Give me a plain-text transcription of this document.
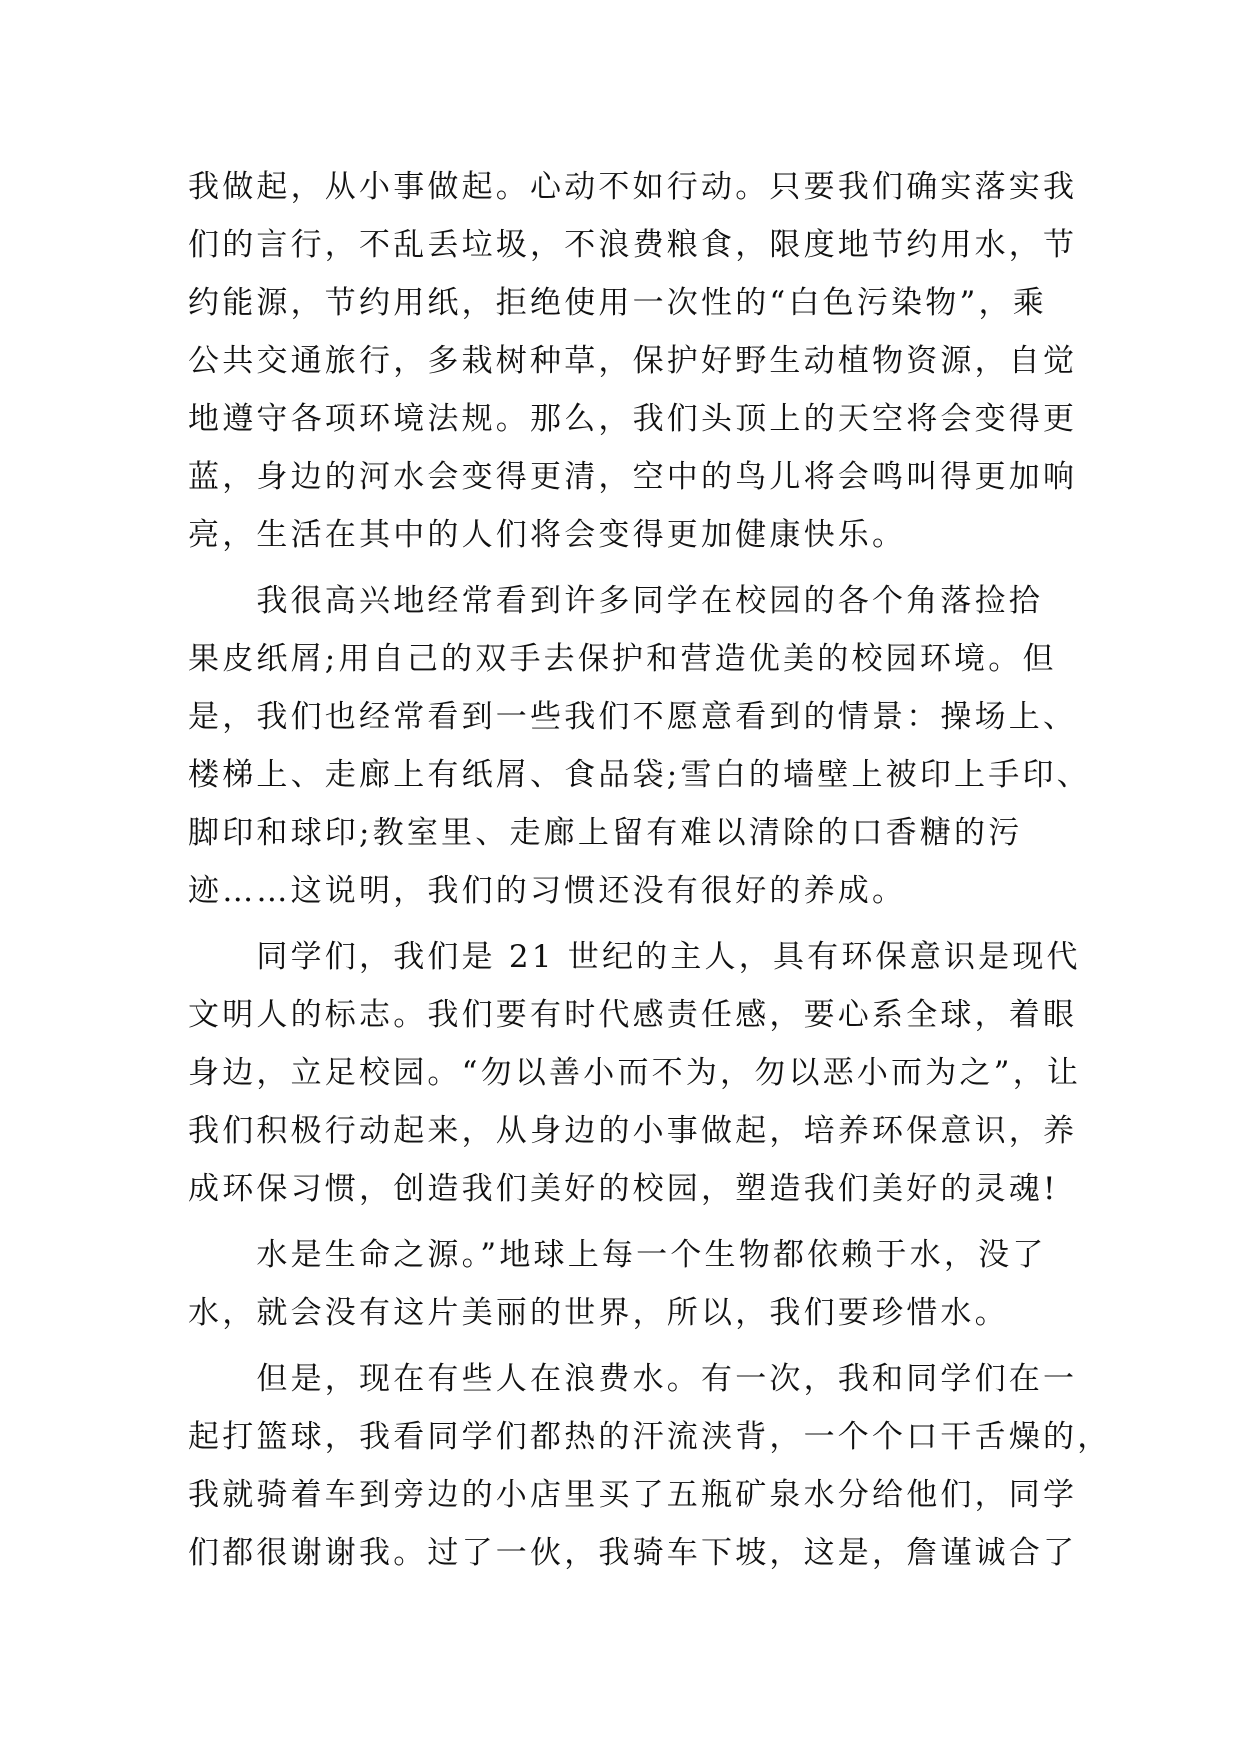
我做起，从小事做起。心动不如行动。只要我们确实落实我
们的言行，不乱丢垃圾，不浪费粮食，限度地节约用水，节
约能源，节约用纸，拒绝使用一次性的“白色污染物”，乘
公共交通旅行，多栽树种草，保护好野生动植物资源，自觉
地遵守各项环境法规。那么，我们头顶上的天空将会变得更
蓝，身边的河水会变得更清，空中的鸟儿将会鸣叫得更加响
亮，生活在其中的人们将会变得更加健康快乐。
　　我很高兴地经常看到许多同学在校园的各个角落捡拾
果皮纸屑;用自己的双手去保护和营造优美的校园环境。但
是，我们也经常看到一些我们不愿意看到的情景：操场上、
楼梯上、走廊上有纸屑、食品袋;雪白的墙壁上被印上手印、
脚印和球印;教室里、走廊上留有难以清除的口香糖的污
迹……这说明，我们的习惯还没有很好的养成。
　　同学们，我们是 21 世纪的主人，具有环保意识是现代
文明人的标志。我们要有时代感责任感，要心系全球，着眼
身边，立足校园。“勿以善小而不为，勿以恶小而为之”，让
我们积极行动起来，从身边的小事做起，培养环保意识，养
成环保习惯，创造我们美好的校园，塑造我们美好的灵魂!
　　水是生命之源。”地球上每一个生物都依赖于水，没了
水，就会没有这片美丽的世界，所以，我们要珍惜水。
　　但是，现在有些人在浪费水。有一次，我和同学们在一
起打篮球，我看同学们都热的汗流浃背，一个个口干舌燥的，
我就骑着车到旁边的小店里买了五瓶矿泉水分给他们，同学
们都很谢谢我。过了一伙，我骑车下坡，这是，詹谨诚合了
